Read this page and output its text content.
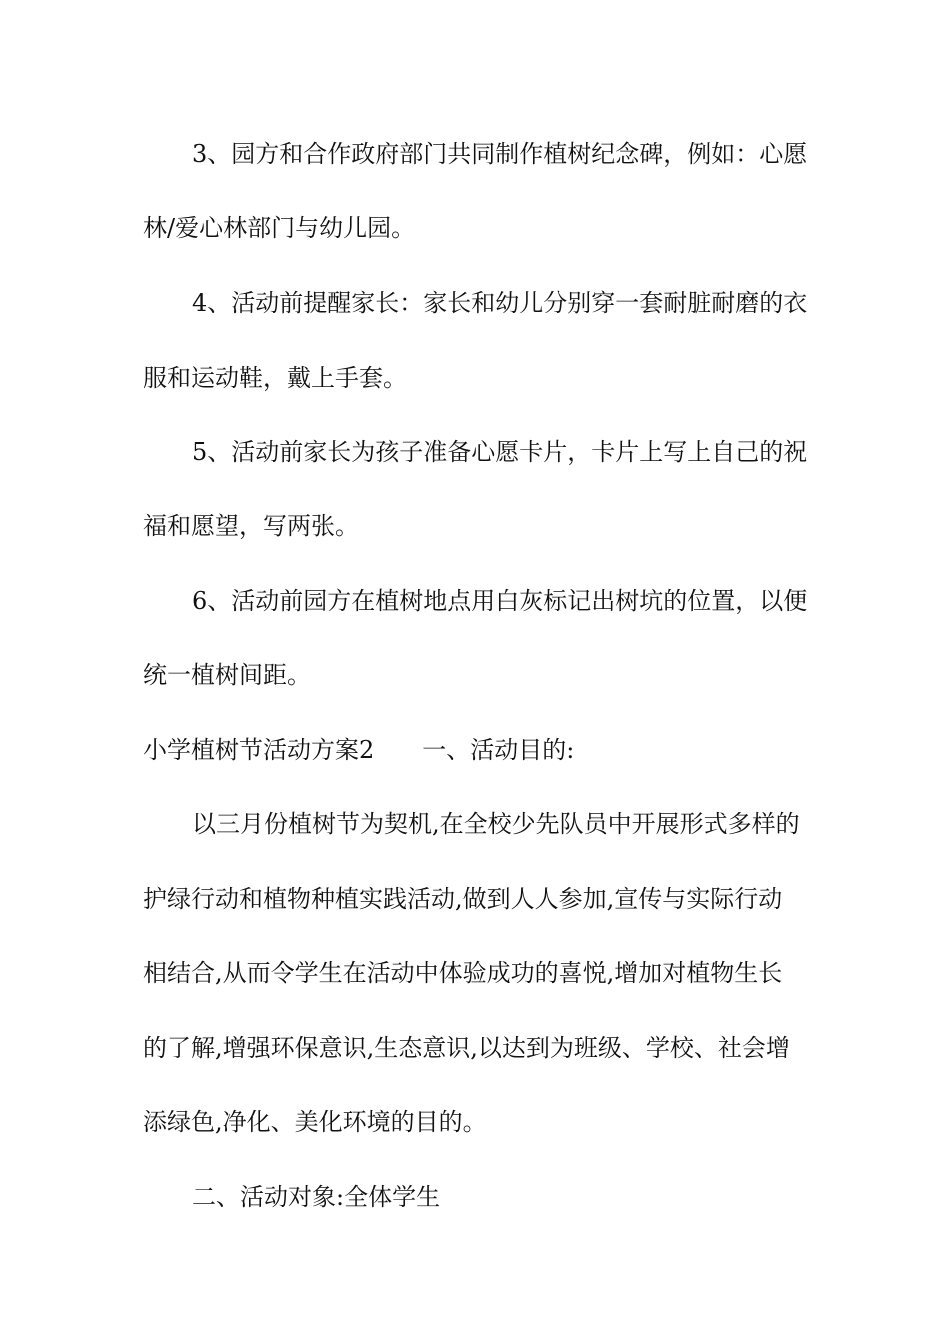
3、园方和合作政府部门共同制作植树纪念碑，例如：心愿
林/爱心林部门与幼儿园。
4、活动前提醒家长：家长和幼儿分别穿一套耐脏耐磨的衣
服和运动鞋，戴上手套。
5、活动前家长为孩子准备心愿卡片，卡片上写上自己的祝
福和愿望，写两张。
6、活动前园方在植树地点用白灰标记出树坑的位置，以便
统一植树间距。
小学植树节活动方案2 一、活动目的:
以三月份植树节为契机,在全校少先队员中开展形式多样的
护绿行动和植物种植实践活动,做到人人参加,宣传与实际行动
相结合,从而令学生在活动中体验成功的喜悦,增加对植物生长
的了解,增强环保意识,生态意识,以达到为班级、学校、社会增
添绿色,净化、美化环境的目的。
二、活动对象:全体学生
